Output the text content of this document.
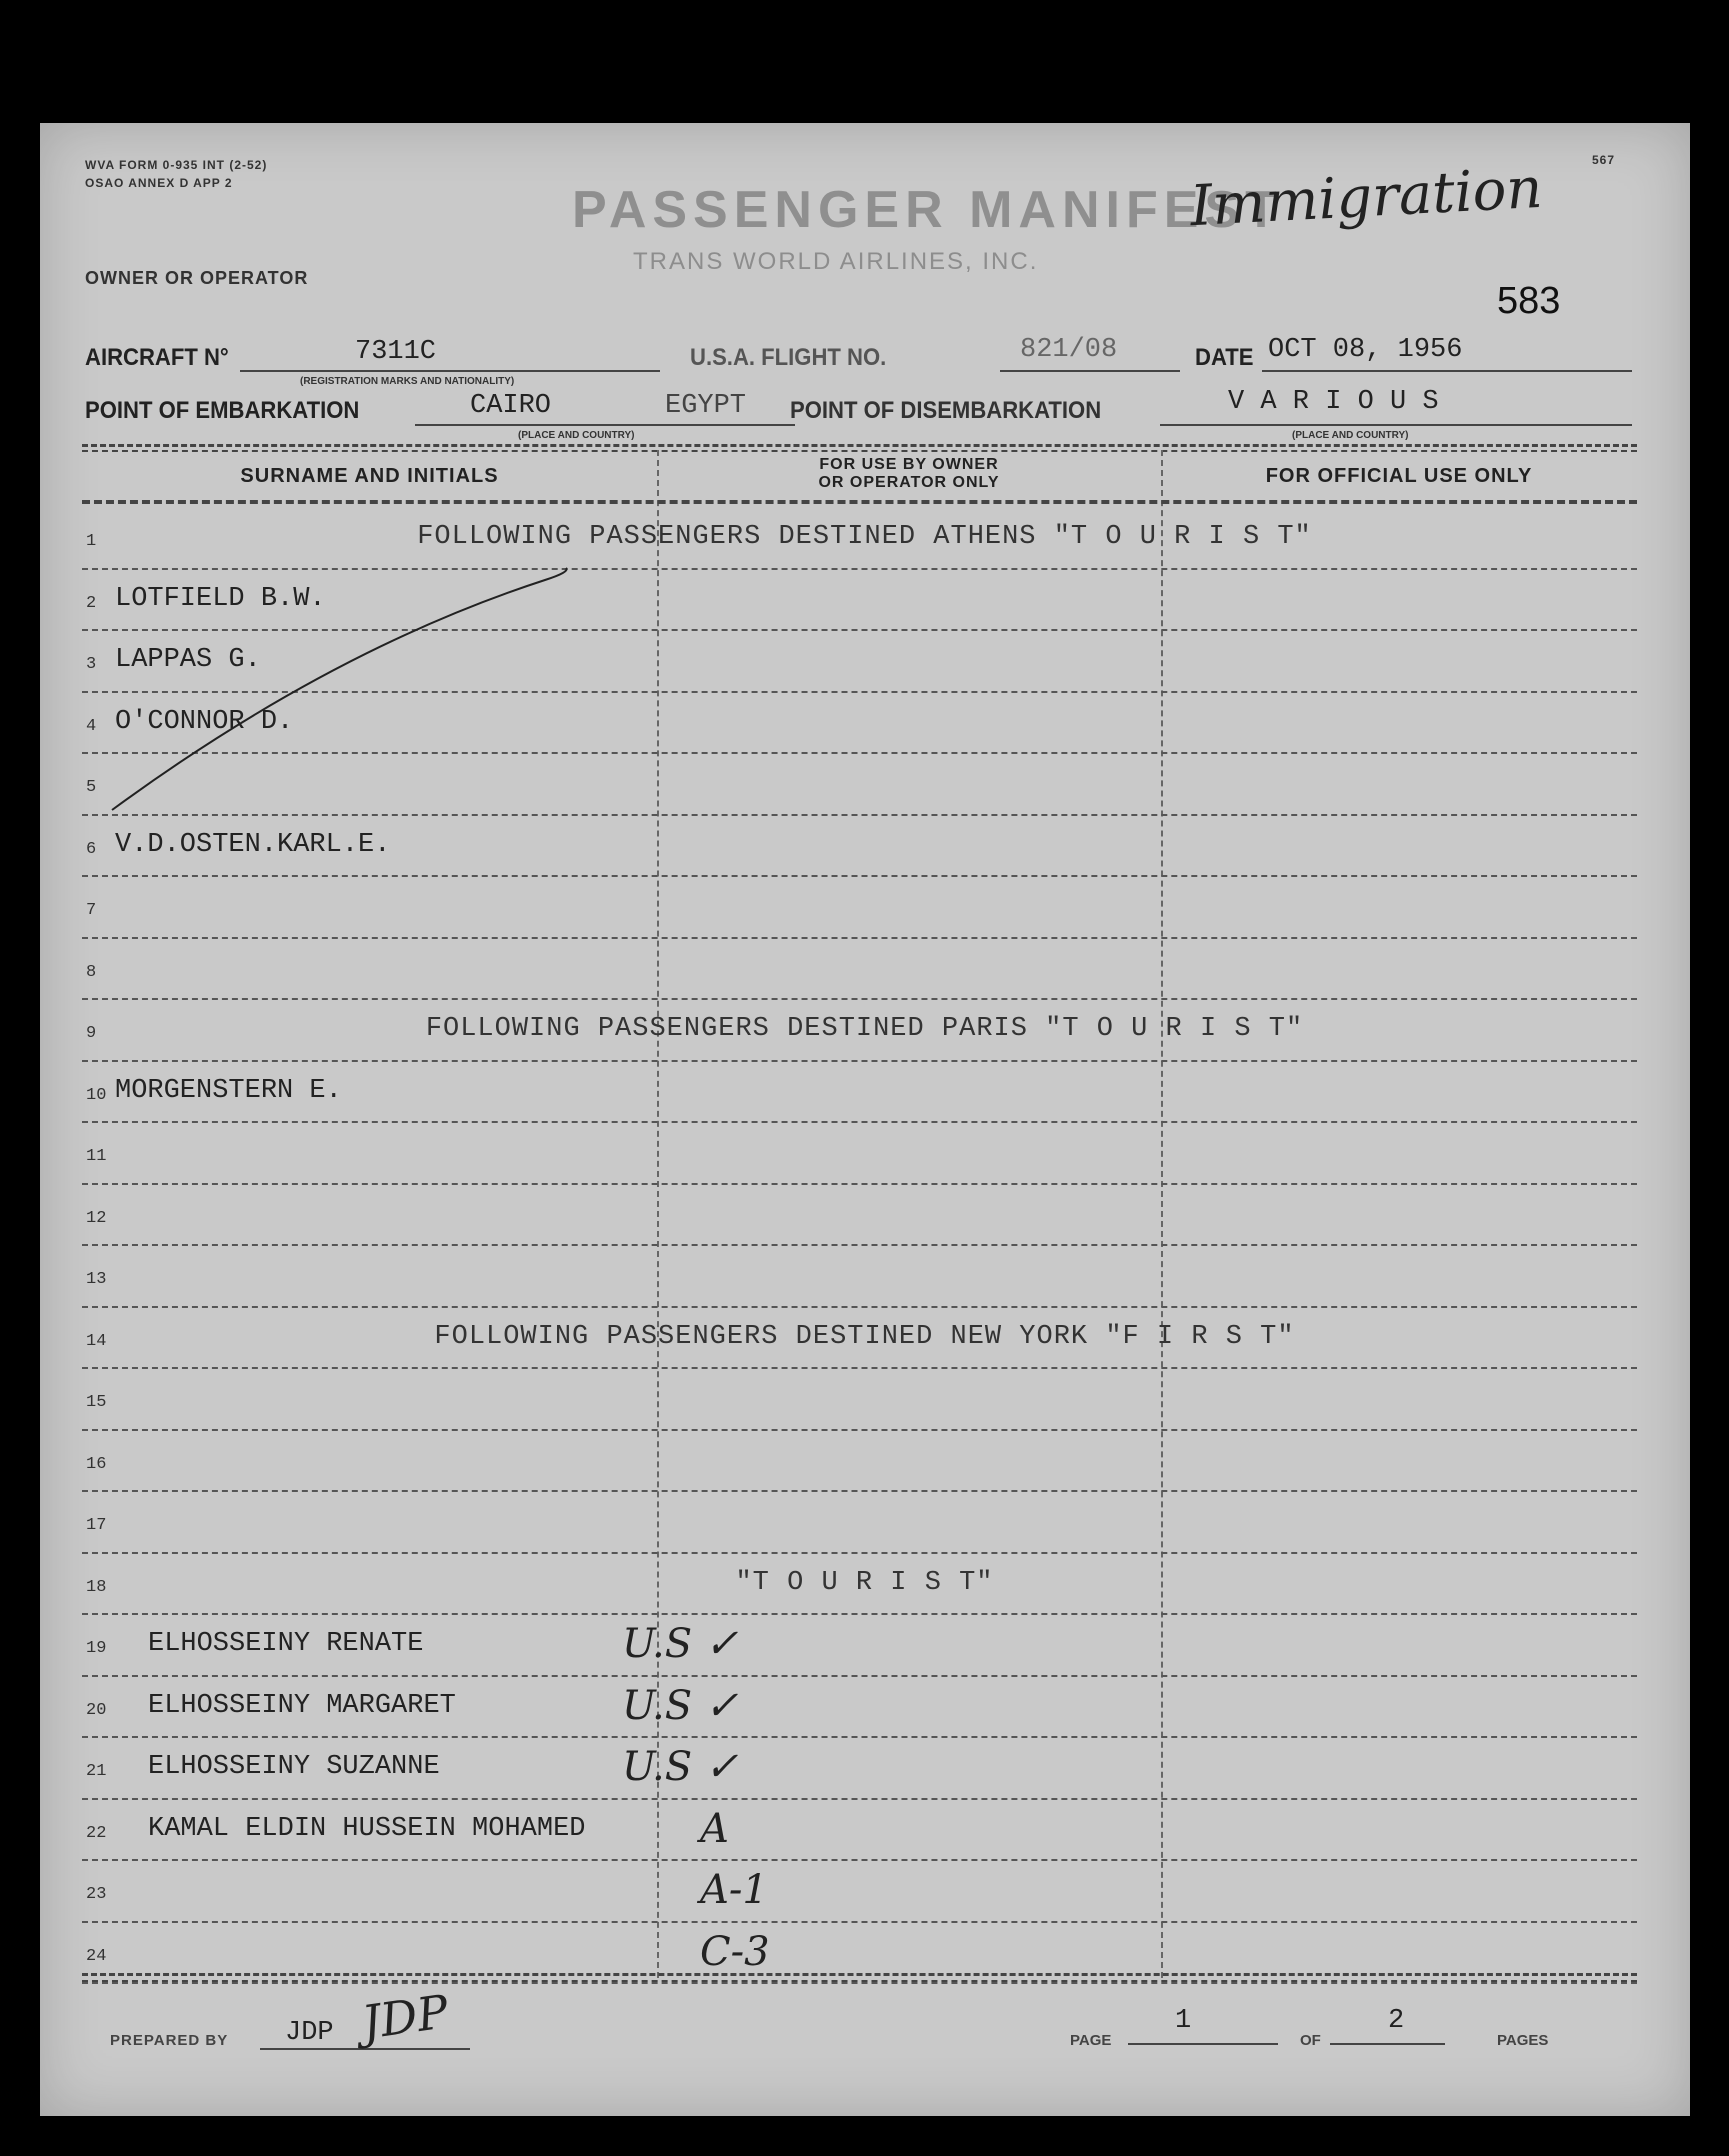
WVA FORM 0-935 INT (2-52)
OSAO ANNEX D APP 2
567
PASSENGER MANIFEST
TRANS WORLD AIRLINES, INC.
Immigration
OWNER OR OPERATOR
583
AIRCRAFT N°	7311C
(REGISTRATION MARKS AND NATIONALITY)
U.S.A. FLIGHT NO.	821/08	DATE OCT 08, 1956
POINT OF EMBARKATION	CAIRO	EGYPT
(PLACE AND COUNTRY)
POINT OF DISEMBARKATION	V A R I O U S
(PLACE AND COUNTRY)
SURNAME AND INITIALS
FOR USE BY OWNER
OR OPERATOR ONLY	FOR OFFICIAL USE ONLY
1	FOLLOWING PASSENGERS DESTINED ATHENS "T O U R I S T"
2 LOTFIELD B.W.
3 LAPPAS G.
4 O'CONNOR D.
5
6 V.D.OSTEN.KARL.E.
7
8
9	FOLLOWING PASSENGERS DESTINED PARIS "T O U R I S T"
10 MORGENSTERN E.
11
12
13
14	FOLLOWING PASSENGERS DESTINED NEW YORK "F I R S T"
15
16
17
18	"T O U R I S T"
19 ELHOSSEINY RENATE	U.S ✓
20 ELHOSSEINY MARGARET	U.S ✓
21 ELHOSSEINY SUZANNE	U.S ✓
22 KAMAL ELDIN HUSSEIN MOHAMED	A
23	A-1
24	C-3
PREPARED BY JDP JDP	PAGE
1
OF
2
PAGES
